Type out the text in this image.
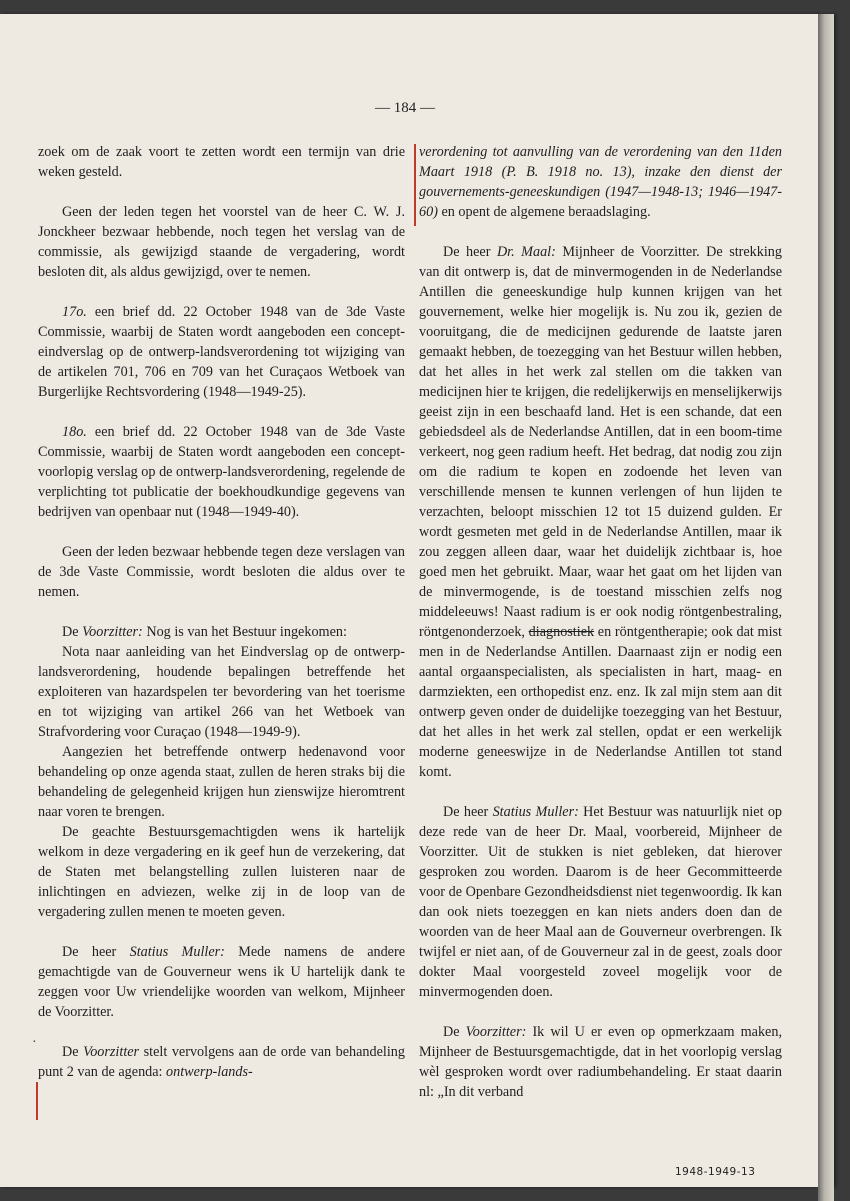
— 184 —
·

zoek om de zaak voort te zetten wordt een termijn van drie weken gesteld.

Geen der leden tegen het voorstel van de heer C. W. J. Jonckheer bezwaar hebbende, noch tegen het verslag van de commissie, als gewijzigd staande de vergadering, wordt besloten dit, als aldus gewijzigd, over te nemen.

17o. een brief dd. 22 October 1948 van de 3de Vaste Commissie, waarbij de Staten wordt aangeboden een concept-eindverslag op de ontwerp-landsverordening tot wijziging van de artikelen 701, 706 en 709 van het Curaçaos Wetboek van Burgerlijke Rechtsvordering (1948—1949-25).

18o. een brief dd. 22 October 1948 van de 3de Vaste Commissie, waarbij de Staten wordt aangeboden een concept-voorlopig verslag op de ontwerp-landsverordening, regelende de verplichting tot publicatie der boekhoudkundige gegevens van bedrijven van openbaar nut (1948—1949-40).

Geen der leden bezwaar hebbende tegen deze verslagen van de 3de Vaste Commissie, wordt besloten die aldus over te nemen.

De Voorzitter: Nog is van het Bestuur ingekomen:

Nota naar aanleiding van het Eindverslag op de ontwerp-landsverordening, houdende bepalingen betreffende het exploiteren van hazardspelen ter bevordering van het toerisme en tot wijziging van artikel 266 van het Wetboek van Strafvordering voor Curaçao (1948—1949-9).

Aangezien het betreffende ontwerp hedenavond voor behandeling op onze agenda staat, zullen de heren straks bij die behandeling de gelegenheid krijgen hun zienswijze hieromtrent naar voren te brengen.

De geachte Bestuursgemachtigden wens ik hartelijk welkom in deze vergadering en ik geef hun de verzekering, dat de Staten met belangstelling zullen luisteren naar de inlichtingen en adviezen, welke zij in de loop van de vergadering zullen menen te moeten geven.

De heer Statius Muller: Mede namens de andere gemachtigde van de Gouverneur wens ik U hartelijk dank te zeggen voor Uw vriendelijke woorden van welkom, Mijnheer de Voorzitter.

De Voorzitter stelt vervolgens aan de orde van behandeling punt 2 van de agenda: ontwerp-lands-

verordening tot aanvulling van de verordening van den 11den Maart 1918 (P. B. 1918 no. 13), inzake den dienst der gouvernements-geneeskundigen (1947—1948-13; 1946—1947-60) en opent de algemene beraadslaging.

De heer Dr. Maal: Mijnheer de Voorzitter. De strekking van dit ontwerp is, dat de minvermogenden in de Nederlandse Antillen die geneeskundige hulp kunnen krijgen van het gouvernement, welke hier mogelijk is. Nu zou ik, gezien de vooruitgang, die de medicijnen gedurende de laatste jaren gemaakt hebben, de toezegging van het Bestuur willen hebben, dat het alles in het werk zal stellen om die takken van medicijnen hier te krijgen, die redelijkerwijs en menselijkerwijs geeist zijn in een beschaafd land. Het is een schande, dat een gebiedsdeel als de Nederlandse Antillen, dat in een boom-time verkeert, nog geen radium heeft. Het bedrag, dat nodig zou zijn om die radium te kopen en zodoende het leven van verschillende mensen te kunnen verlengen of hun lijden te verzachten, beloopt misschien 12 tot 15 duizend gulden. Er wordt gesmeten met geld in de Nederlandse Antillen, maar ik zou zeggen alleen daar, waar het duidelijk zichtbaar is, hoe goed men het gebruikt. Maar, waar het gaat om het lijden van de minvermogende, is de toestand misschien zelfs nog middeleeuws! Naast radium is er ook nodig röntgenbestraling, röntgenonderzoek, diagnostiek en röntgentherapie; ook dat mist men in de Nederlandse Antillen. Daarnaast zijn er nodig een aantal orgaanspecialisten, als specialisten in hart, maag- en darmziekten, een orthopedist enz. enz. Ik zal mijn stem aan dit ontwerp geven onder de duidelijke toezegging van het Bestuur, dat het alles in het werk zal stellen, opdat er een werkelijk moderne geneeswijze in de Nederlandse Antillen tot stand komt.

De heer Statius Muller: Het Bestuur was natuurlijk niet op deze rede van de heer Dr. Maal, voorbereid, Mijnheer de Voorzitter. Uit de stukken is niet gebleken, dat hierover gesproken zou worden. Daarom is de heer Gecommitteerde voor de Openbare Gezondheidsdienst niet tegenwoordig. Ik kan dan ook niets toezeggen en kan niets anders doen dan de woorden van de heer Maal aan de Gouverneur overbrengen. Ik twijfel er niet aan, of de Gouverneur zal in de geest, zoals door dokter Maal voorgesteld zoveel mogelijk voor de minvermogenden doen.

De Voorzitter: Ik wil U er even op opmerkzaam maken, Mijnheer de Bestuursgemachtigde, dat in het voorlopig verslag wèl gesproken wordt over radiumbehandeling. Er staat daarin nl: „In dit verband

1948-1949-13
